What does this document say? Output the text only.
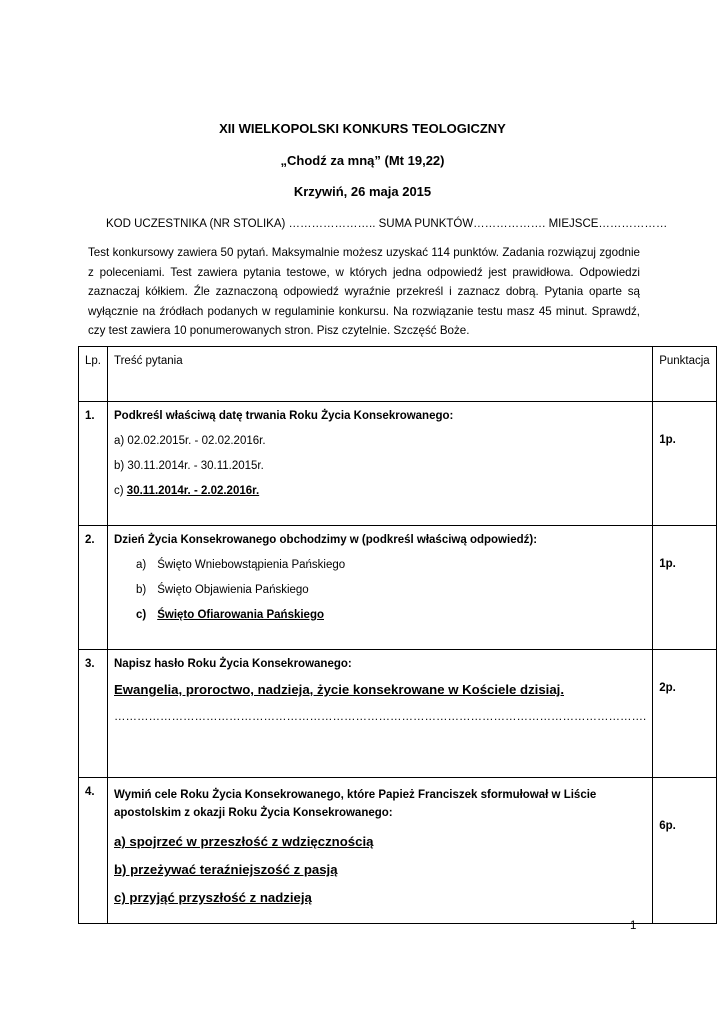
XII WIELKOPOLSKI KONKURS TEOLOGICZNY
„Chodź za mną” (Mt 19,22)
Krzywiń, 26 maja 2015
KOD UCZESTNIKA (NR STOLIKA) ………………….. SUMA PUNKTÓW………………. MIEJSCE………………
Test konkursowy zawiera 50 pytań. Maksymalnie możesz uzyskać 114 punktów. Zadania rozwiązuj zgodnie z poleceniami. Test zawiera pytania testowe, w których jedna odpowiedź jest prawidłowa. Odpowiedzi zaznaczaj kółkiem. Źle zaznaczoną odpowiedź wyraźnie przekreśl i zaznacz dobrą. Pytania oparte są wyłącznie na źródłach podanych w regulaminie konkursu. Na rozwiązanie testu masz 45 minut. Sprawdź, czy test zawiera 10 ponumerowanych stron. Pisz czytelnie. Szczęść Boże.
Lp.	Treść pytania	Punktacja
1.	Podkreśl właściwą datę trwania Roku Życia Konsekrowanego:
a) 02.02.2015r. - 02.02.2016r.
b) 30.11.2014r. - 30.11.2015r.
c) 30.11.2014r. - 2.02.2016r.	1p.
2.	Dzień Życia Konsekrowanego obchodzimy w (podkreśl właściwą odpowiedź):
a) Święto Wniebowstąpienia Pańskiego
b) Święto Objawienia Pańskiego
c) Święto Ofiarowania Pańskiego	1p.
3.	Napisz hasło Roku Życia Konsekrowanego:
Ewangelia, proroctwo, nadzieja, życie konsekrowane w Kościele dzisiaj.
………………………………………………………………………………………………………………………….	2p.
4.	Wymiń cele Roku Życia Konsekrowanego, które Papież Franciszek sformułował w Liście apostolskim z okazji Roku Życia Konsekrowanego:
a) spojrzeć w przeszłość z wdzięcznością
b) przeżywać teraźniejszość z pasją
c) przyjąć przyszłość z nadzieją	6p.
1
